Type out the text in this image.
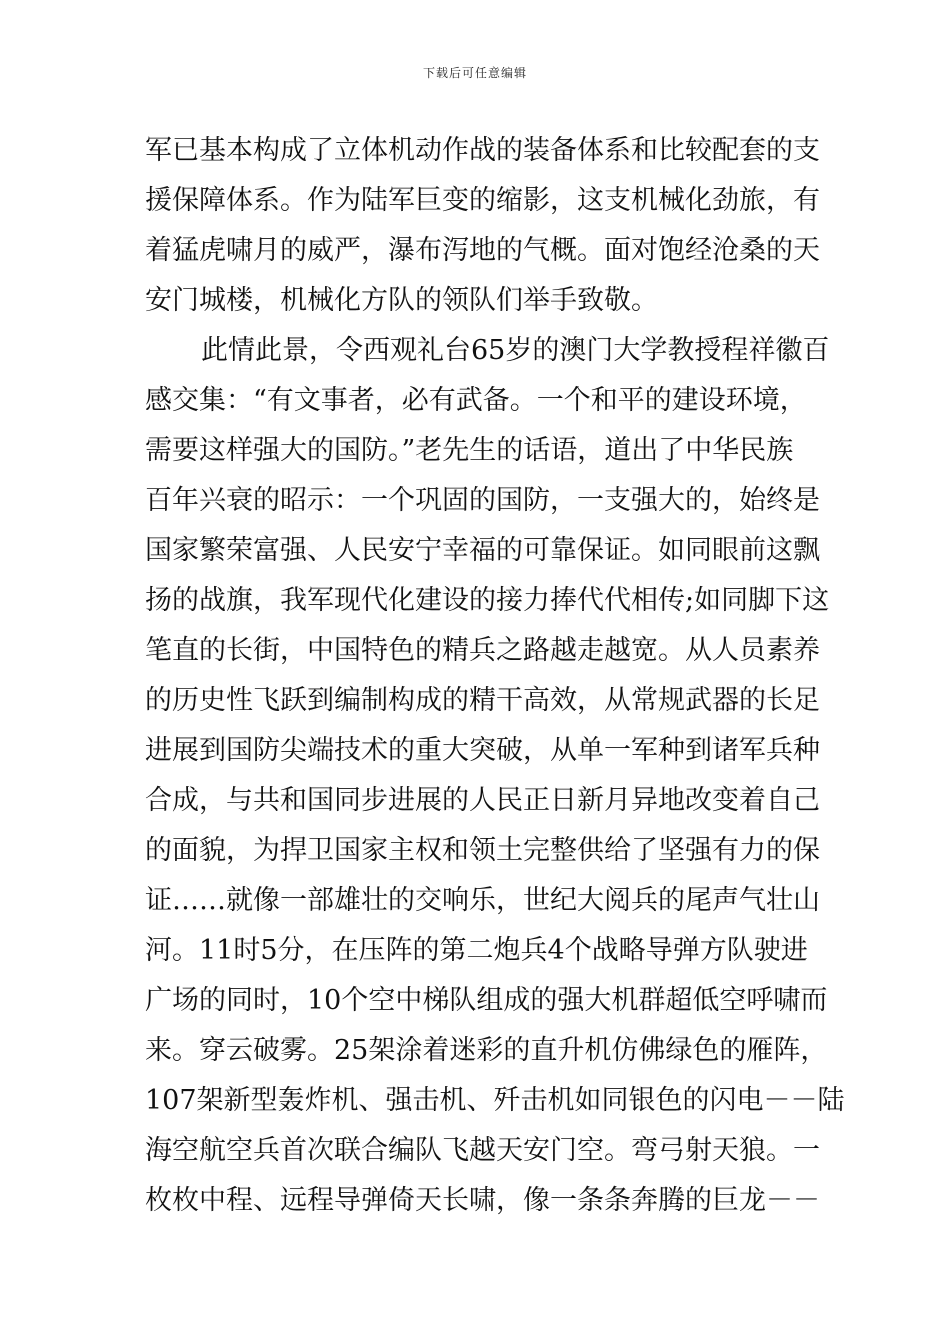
下载后可任意编辑
军已基本构成了立体机动作战的装备体系和比较配套的支
援保障体系。作为陆军巨变的缩影，这支机械化劲旅，有
着猛虎啸月的威严，瀑布泻地的气概。面对饱经沧桑的天
安门城楼，机械化方队的领队们举手致敬。
此情此景，令西观礼台65岁的澳门大学教授程祥徽百
感交集：“有文事者，必有武备。一个和平的建设环境，
需要这样强大的国防。”老先生的话语，道出了中华民族
百年兴衰的昭示：一个巩固的国防，一支强大的，始终是
国家繁荣富强、人民安宁幸福的可靠保证。如同眼前这飘
扬的战旗，我军现代化建设的接力捧代代相传;如同脚下这
笔直的长街，中国特色的精兵之路越走越宽。从人员素养
的历史性飞跃到编制构成的精干高效，从常规武器的长足
进展到国防尖端技术的重大突破，从单一军种到诸军兵种
合成，与共和国同步进展的人民正日新月异地改变着自己
的面貌，为捍卫国家主权和领土完整供给了坚强有力的保
证……就像一部雄壮的交响乐，世纪大阅兵的尾声气壮山
河。11时5分，在压阵的第二炮兵4个战略导弹方队驶进
广场的同时，10个空中梯队组成的强大机群超低空呼啸而
来。穿云破雾。25架涂着迷彩的直升机仿佛绿色的雁阵，
107架新型轰炸机、强击机、歼击机如同银色的闪电－－陆
海空航空兵首次联合编队飞越天安门空。弯弓射天狼。一
枚枚中程、远程导弹倚天长啸，像一条条奔腾的巨龙－－
